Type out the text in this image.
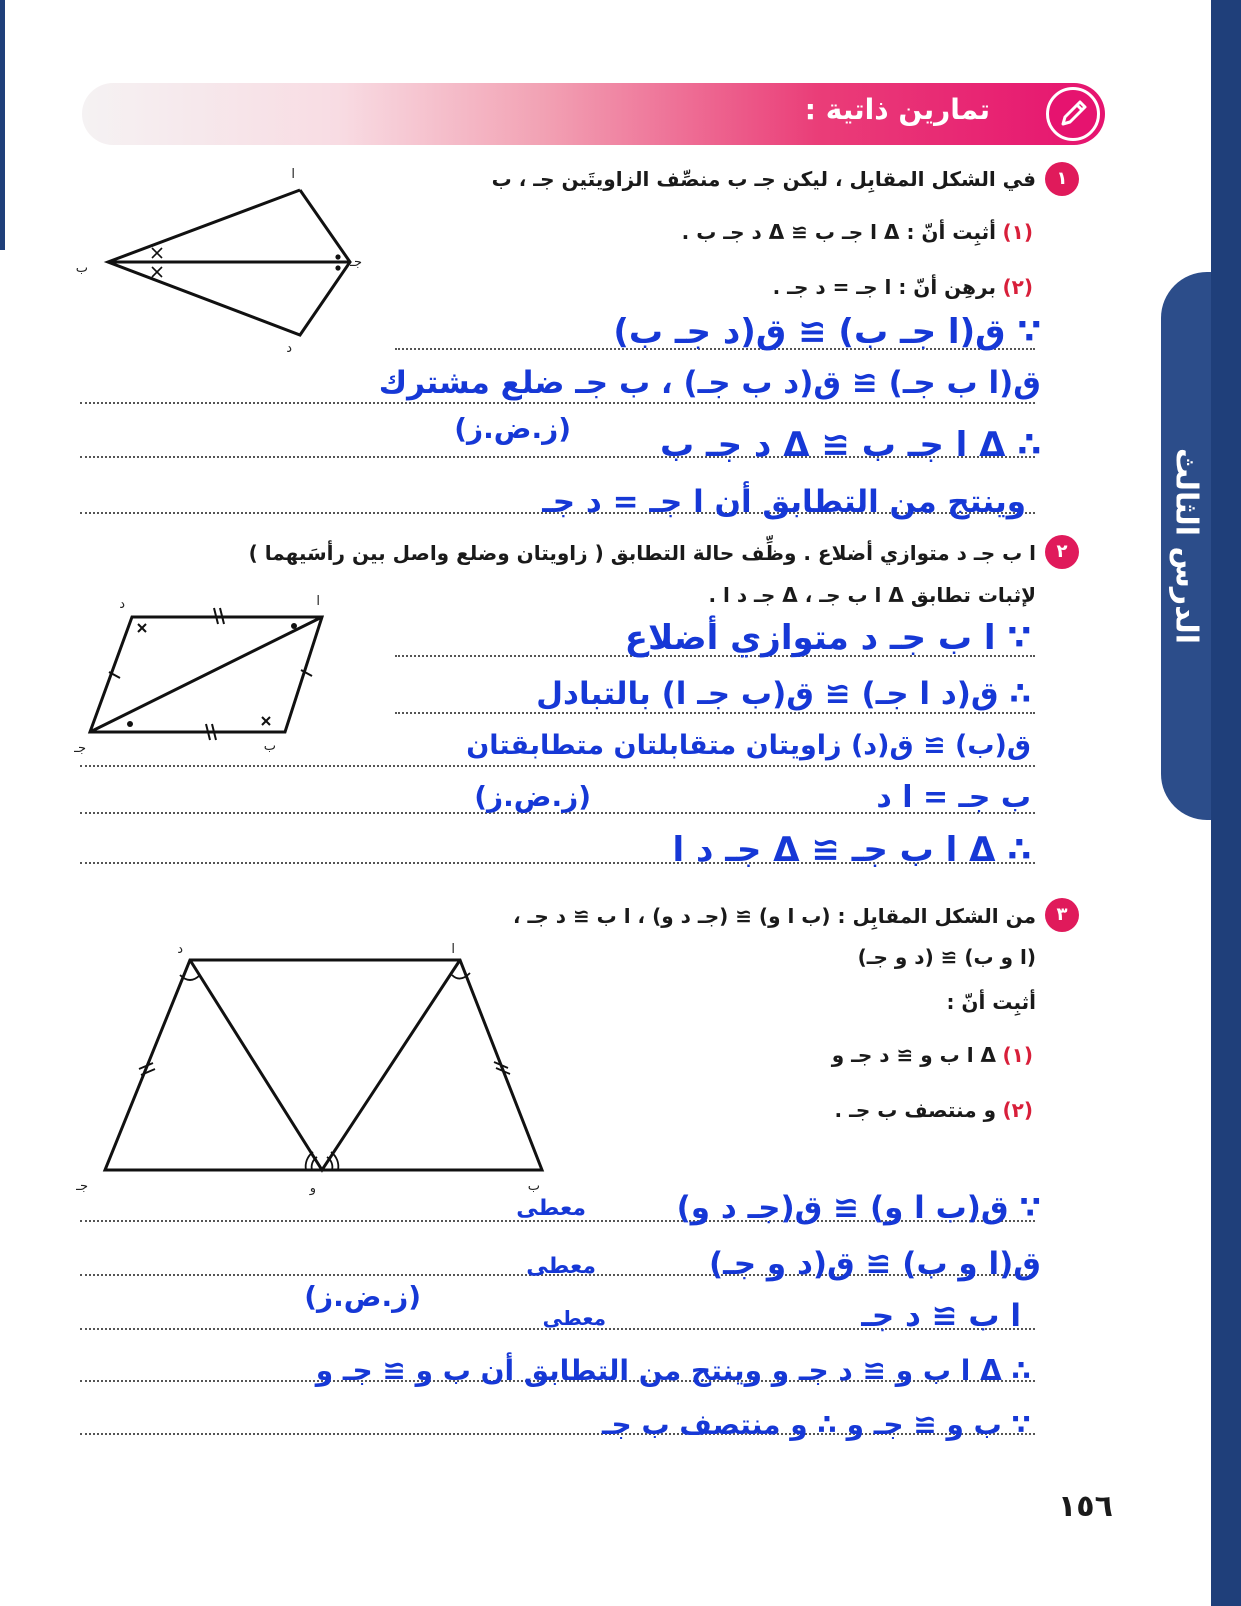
الدرس الثالث
تمارين ذاتية :
١
في الشكل المقابِل ، ليكن جـ ب منصِّف الزاويتَين جـ ، ب
(١)
أثبِت أنّ : Δ ا جـ ب ≅ Δ د جـ ب .
(٢)
برهِن أنّ : ا جـ = د جـ .
ا
ب	جـ
د	∵ ق(ا جـ ب) ≅ ق(د جـ ب)
ق(ا ب جـ) ≅ ق(د ب جـ) ، ب جـ ضلع مشترك
(ز.ض.ز)	∴ Δ ا جـ ب ≅ Δ د جـ ب
وينتج من التطابق أن ا جـ = د جـ
٢
ا ب جـ د متوازي أضلاع . وظِّف حالة التطابق ( زاويتان وضلع واصل بين رأسَيهما )
لإثبات تطابق Δ ا ب جـ ، Δ جـ د ا .
ا
د
ب
جـ
∵ ا ب جـ د متوازي أضلاع
∴ ق(د ا جـ) ≅ ق(ب جـ ا) بالتبادل
ق(ب) ≅ ق(د) زاويتان متقابلتان متطابقتان
ب جـ = ا د
(ز.ض.ز)
∴ Δ ا ب جـ ≅ Δ جـ د ا
٣
من الشكل المقابِل : (ب ا و) ≅ (جـ د و) ، ا ب ≅ د جـ ،
(ا و ب) ≅ (د و جـ)
أثبِت أنّ :
(١)
Δ ا ب و ≅ د جـ و
(٢)
و منتصف ب جـ .
ا
د
ب
جـ	و
∵ ق(ب ا و) ≅ ق(جـ د و)
معطى
ق(ا و ب) ≅ ق(د و جـ)
معطى
ا ب ≅ د جـ
معطى
(ز.ض.ز)
∴ Δ ا ب و ≅ د جـ و وينتج من التطابق أن ب و ≅ جـ و
∵ ب و ≅ جـ و ∴ و منتصف ب جـ
١٥٦
